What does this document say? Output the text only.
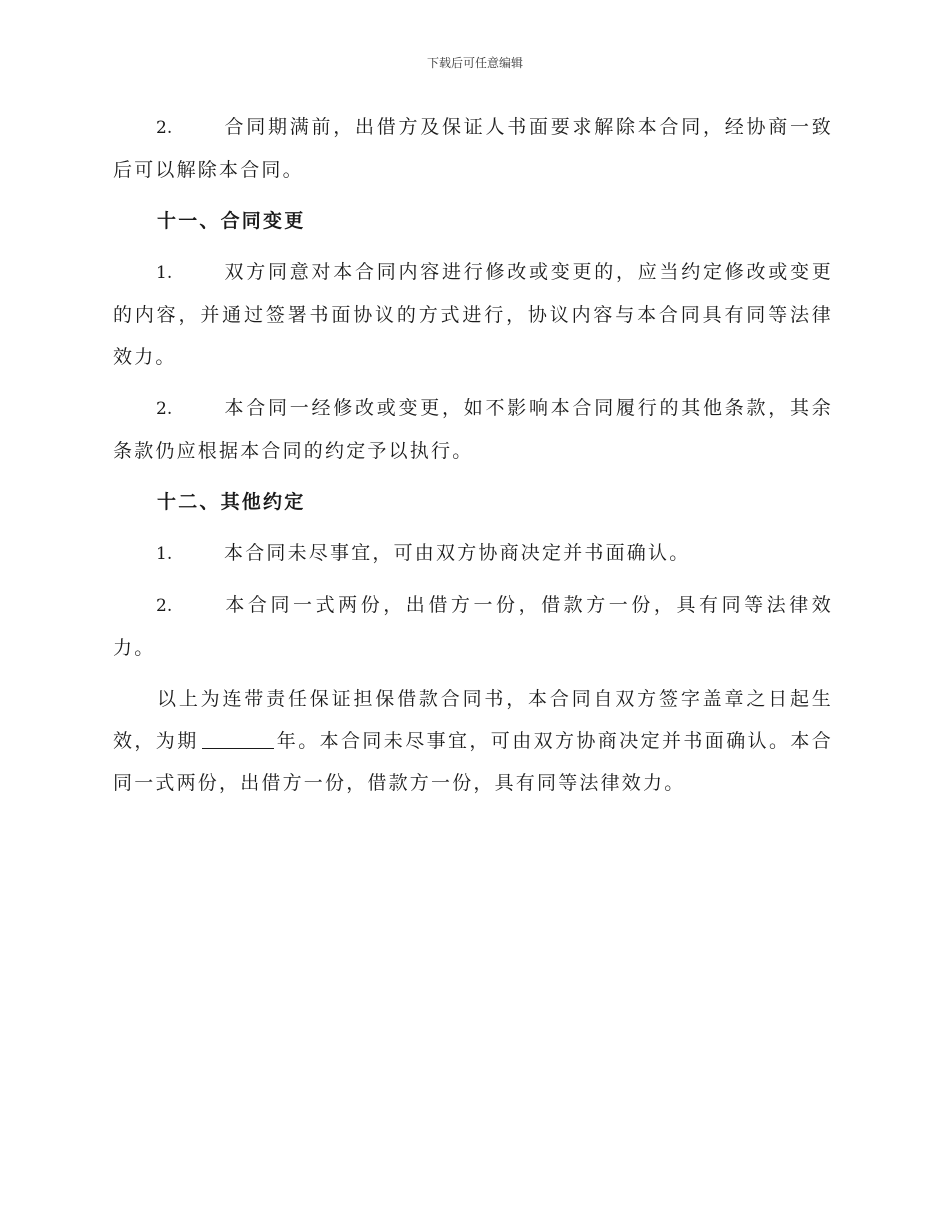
下载后可任意编辑

2.	合同期满前，出借方及保证人书面要求解除本合同，经协商一致后可以解除本合同。

十一、合同变更

1.	双方同意对本合同内容进行修改或变更的，应当约定修改或变更的内容，并通过签署书面协议的方式进行，协议内容与本合同具有同等法律效力。

2.	本合同一经修改或变更，如不影响本合同履行的其他条款，其余条款仍应根据本合同的约定予以执行。

十二、其他约定

1.	本合同未尽事宜，可由双方协商决定并书面确认。

2.	本合同一式两份，出借方一份，借款方一份，具有同等法律效力。

以上为连带责任保证担保借款合同书，本合同自双方签字盖章之日起生效，为期	年。本合同未尽事宜，可由双方协商决定并书面确认。本合同一式两份，出借方一份，借款方一份，具有同等法律效力。
